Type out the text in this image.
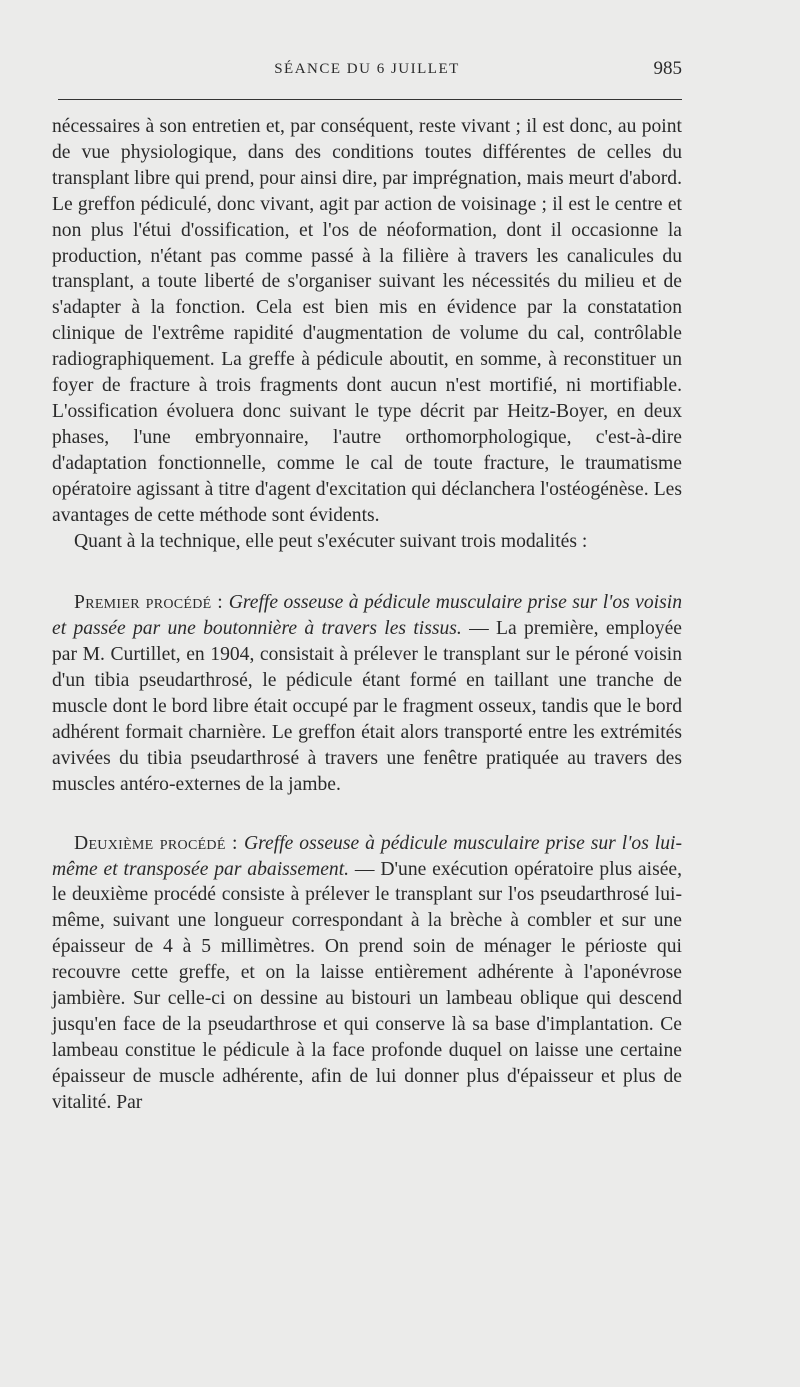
SÉANCE DU 6 JUILLET	985

nécessaires à son entretien et, par conséquent, reste vivant ; il est donc, au point de vue physiologique, dans des conditions toutes différentes de celles du transplant libre qui prend, pour ainsi dire, par imprégnation, mais meurt d'abord. Le greffon pédiculé, donc vivant, agit par action de voisinage ; il est le centre et non plus l'étui d'ossification, et l'os de néoformation, dont il occasionne la production, n'étant pas comme passé à la filière à travers les canalicules du transplant, a toute liberté de s'organiser suivant les nécessités du milieu et de s'adapter à la fonction. Cela est bien mis en évidence par la constatation clinique de l'extrême rapidité d'augmentation de volume du cal, contrôlable radiographiquement. La greffe à pédicule aboutit, en somme, à reconstituer un foyer de fracture à trois fragments dont aucun n'est mortifié, ni mortifiable. L'ossification évoluera donc suivant le type décrit par Heitz-Boyer, en deux phases, l'une embryonnaire, l'autre orthomorphologique, c'est-à-dire d'adaptation fonctionnelle, comme le cal de toute fracture, le traumatisme opératoire agissant à titre d'agent d'excitation qui déclanchera l'ostéogénèse. Les avantages de cette méthode sont évidents.

Quant à la technique, elle peut s'exécuter suivant trois modalités :

Premier procédé : Greffe osseuse à pédicule musculaire prise sur l'os voisin et passée par une boutonnière à travers les tissus. — La première, employée par M. Curtillet, en 1904, consistait à prélever le transplant sur le péroné voisin d'un tibia pseudarthrosé, le pédicule étant formé en taillant une tranche de muscle dont le bord libre était occupé par le fragment osseux, tandis que le bord adhérent formait charnière. Le greffon était alors transporté entre les extrémités avivées du tibia pseudarthrosé à travers une fenêtre pratiquée au travers des muscles antéro-externes de la jambe.

Deuxième procédé : Greffe osseuse à pédicule musculaire prise sur l'os lui-même et transposée par abaissement. — D'une exécution opératoire plus aisée, le deuxième procédé consiste à prélever le transplant sur l'os pseudarthrosé lui-même, suivant une longueur correspondant à la brèche à combler et sur une épaisseur de 4 à 5 millimètres. On prend soin de ménager le périoste qui recouvre cette greffe, et on la laisse entièrement adhérente à l'aponévrose jambière. Sur celle-ci on dessine au bistouri un lambeau oblique qui descend jusqu'en face de la pseudarthrose et qui conserve là sa base d'implantation. Ce lambeau constitue le pédicule à la face profonde duquel on laisse une certaine épaisseur de muscle adhérente, afin de lui donner plus d'épaisseur et plus de vitalité. Par
